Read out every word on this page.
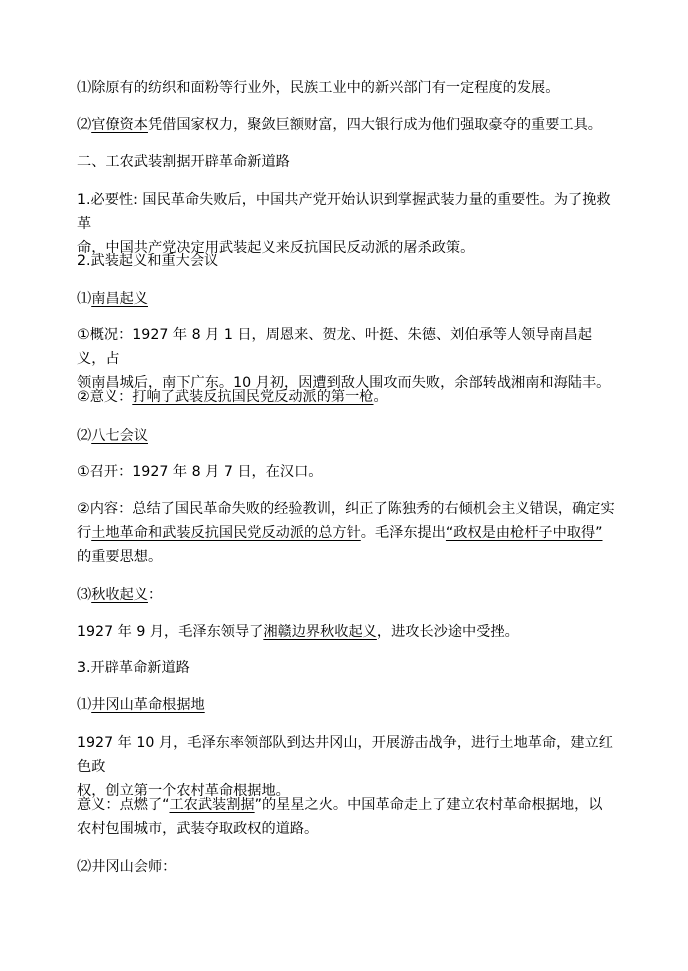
⑴除原有的纺织和面粉等行业外，民族工业中的新兴部门有一定程度的发展。

⑵官僚资本凭借国家权力，聚敛巨额财富，四大银行成为他们强取豪夺的重要工具。

二、工农武装割据开辟革命新道路

1.必要性: 国民革命失败后，中国共产党开始认识到掌握武装力量的重要性。为了挽救革
命，中国共产党决定用武装起义来反抗国民反动派的屠杀政策。

2.武装起义和重大会议

⑴南昌起义

①概况：1927 年 8 月 1 日，周恩来、贺龙、叶挺、朱德、刘伯承等人领导南昌起义，占
领南昌城后，南下广东。10 月初，因遭到敌人围攻而失败，余部转战湘南和海陆丰。

②意义：打响了武装反抗国民党反动派的第一枪。

⑵八七会议

①召开：1927 年 8 月 7 日，在汉口。

②内容：总结了国民革命失败的经验教训，纠正了陈独秀的右倾机会主义错误，确定实
行土地革命和武装反抗国民党反动派的总方针。毛泽东提出“政权是由枪杆子中取得”
的重要思想。

⑶秋收起义：

1927 年 9 月，毛泽东领导了湘赣边界秋收起义，进攻长沙途中受挫。

3.开辟革命新道路

⑴井冈山革命根据地

1927 年 10 月，毛泽东率领部队到达井冈山，开展游击战争，进行土地革命，建立红色政
权，创立第一个农村革命根据地。

意义：点燃了“工农武装割据”的星星之火。中国革命走上了建立农村革命根据地，以
农村包围城市，武装夺取政权的道路。

⑵井冈山会师：
